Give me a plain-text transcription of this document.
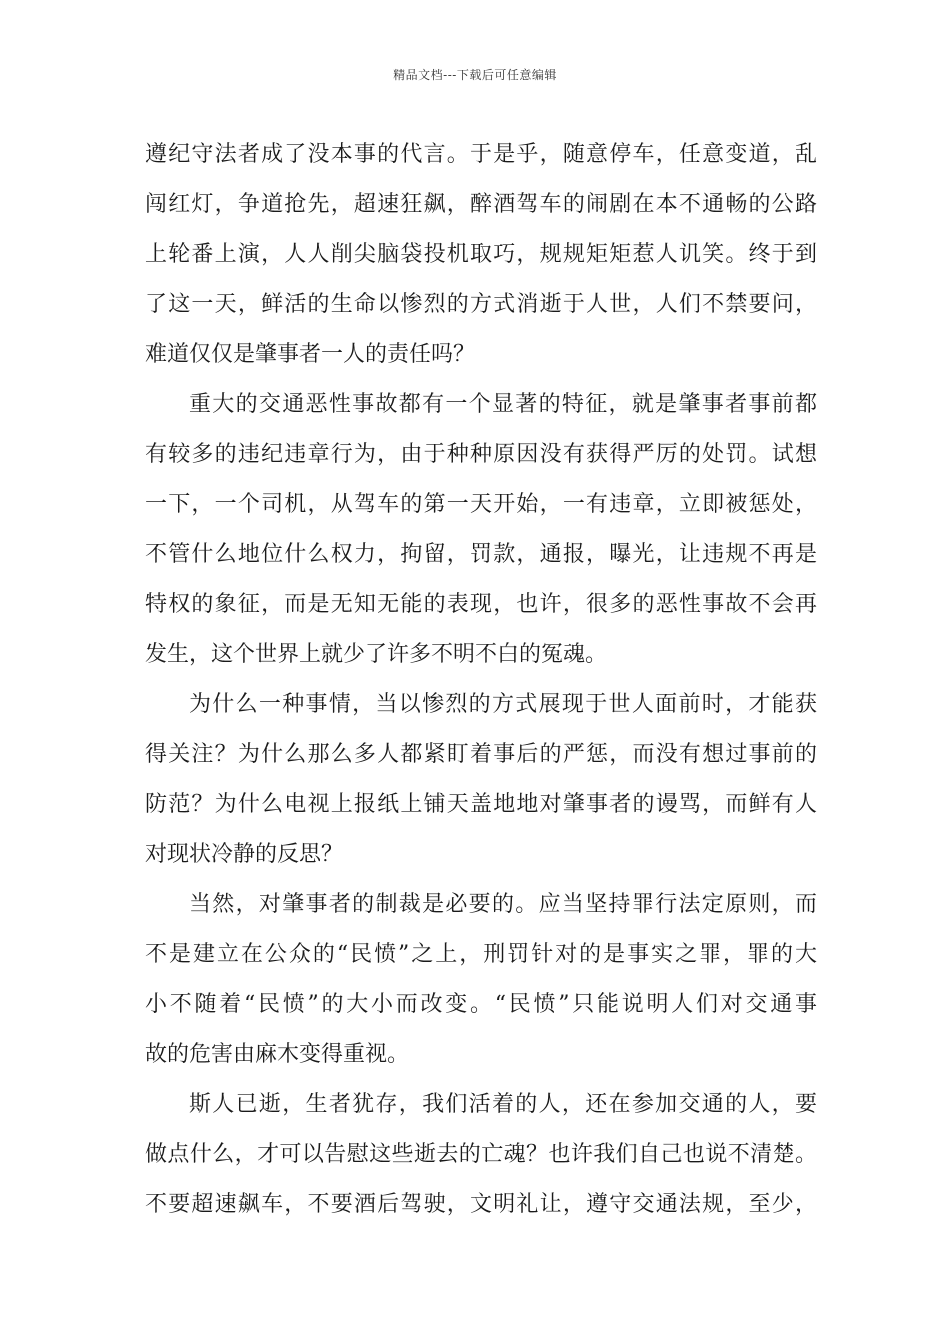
精品文档---下载后可任意编辑
遵纪守法者成了没本事的代言。于是乎，随意停车，任意变道，乱
闯红灯，争道抢先，超速狂飙，醉酒驾车的闹剧在本不通畅的公路
上轮番上演，人人削尖脑袋投机取巧，规规矩矩惹人讥笑。终于到
了这一天，鲜活的生命以惨烈的方式消逝于人世，人们不禁要问，
难道仅仅是肇事者一人的责任吗？
重大的交通恶性事故都有一个显著的特征，就是肇事者事前都
有较多的违纪违章行为，由于种种原因没有获得严厉的处罚。试想
一下，一个司机，从驾车的第一天开始，一有违章，立即被惩处，
不管什么地位什么权力，拘留，罚款，通报，曝光，让违规不再是
特权的象征，而是无知无能的表现，也许，很多的恶性事故不会再
发生，这个世界上就少了许多不明不白的冤魂。
为什么一种事情，当以惨烈的方式展现于世人面前时，才能获
得关注？为什么那么多人都紧盯着事后的严惩，而没有想过事前的
防范？为什么电视上报纸上铺天盖地地对肇事者的谩骂，而鲜有人
对现状冷静的反思？
当然，对肇事者的制裁是必要的。应当坚持罪行法定原则，而
不是建立在公众的“民愤”之上，刑罚针对的是事实之罪，罪的大
小不随着“民愤”的大小而改变。“民愤”只能说明人们对交通事
故的危害由麻木变得重视。
斯人已逝，生者犹存，我们活着的人，还在参加交通的人，要
做点什么，才可以告慰这些逝去的亡魂？也许我们自己也说不清楚。
不要超速飙车，不要酒后驾驶，文明礼让，遵守交通法规，至少，
